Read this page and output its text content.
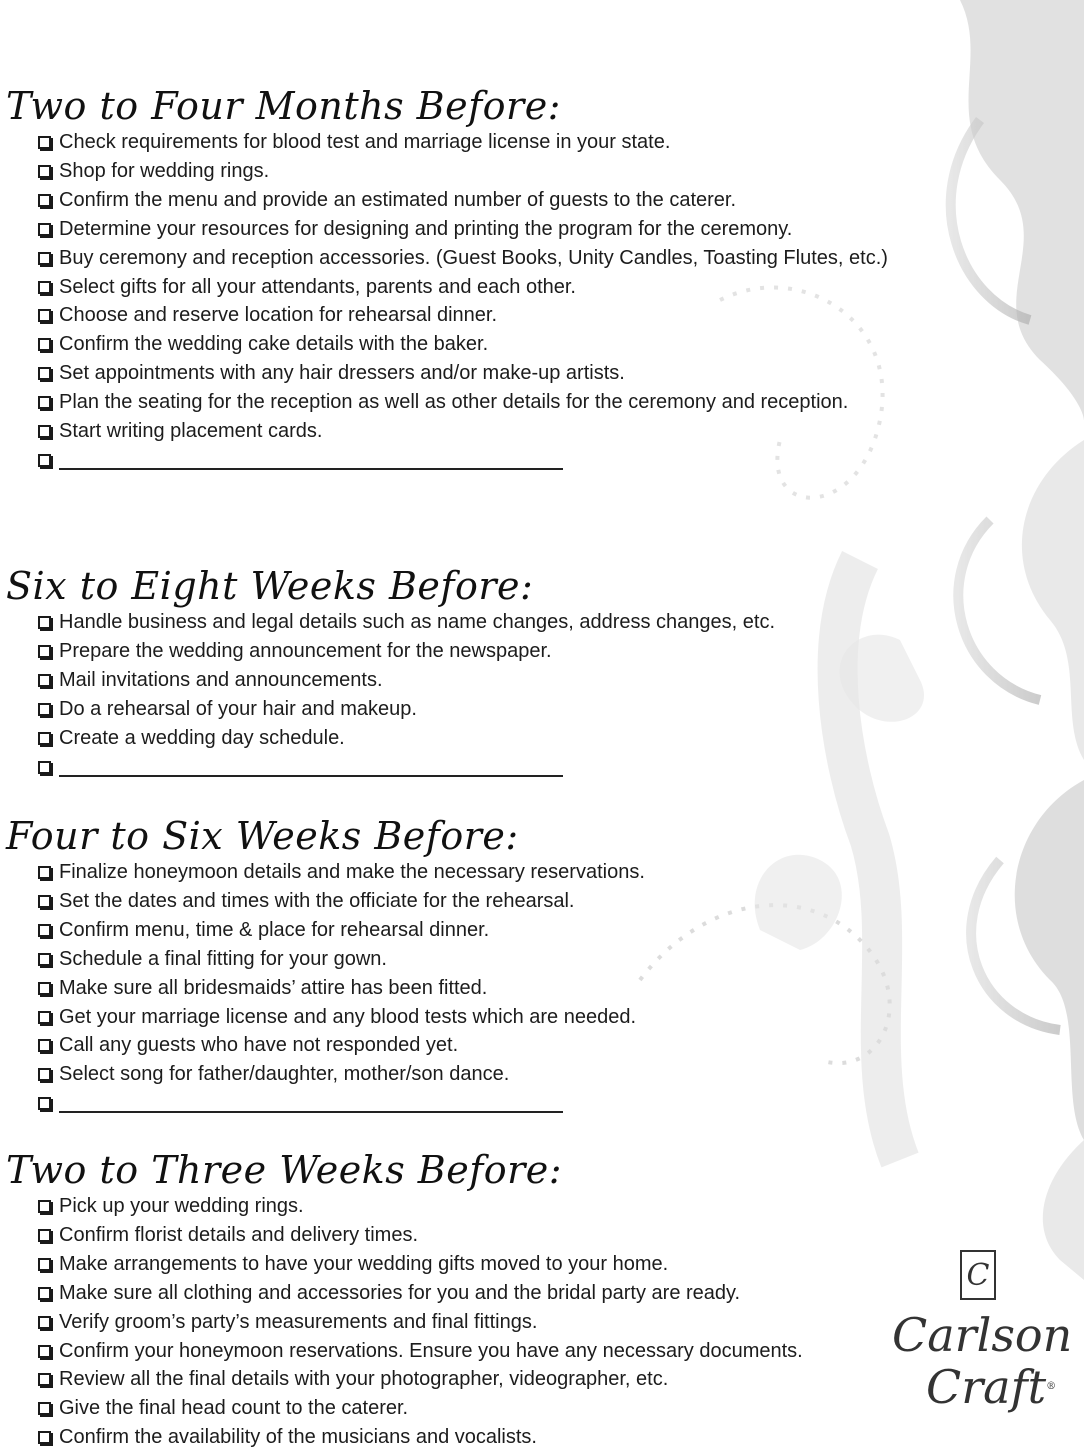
Two to Four Months Before:
Check requirements for blood test and marriage license in your state.
Shop for wedding rings.
Confirm the menu and provide an estimated number of guests to the caterer.
Determine your resources for designing and printing the program for the ceremony.
Buy ceremony and reception accessories. (Guest Books, Unity Candles, Toasting Flutes, etc.)
Select gifts for all your attendants, parents and each other.
Choose and reserve location for rehearsal dinner.
Confirm the wedding cake details with the baker.
Set appointments with any hair dressers and/or make-up artists.
Plan the seating for the reception as well as other details for the ceremony and reception.
Start writing placement cards.
Six to Eight Weeks Before:
Handle business and legal details such as name changes, address changes, etc.
Prepare the wedding announcement for the newspaper.
Mail invitations and announcements.
Do a rehearsal of your hair and makeup.
Create a wedding day schedule.
Four to Six Weeks Before:
Finalize honeymoon details and make the necessary reservations.
Set the dates and times with the officiate for the rehearsal.
Confirm menu, time & place for rehearsal dinner.
Schedule a final fitting for your gown.
Make sure all bridesmaids’ attire has been fitted.
Get your marriage license and any blood tests which are needed.
Call any guests who have not responded yet.
Select song for father/daughter, mother/son dance.
Two to Three Weeks Before:
Pick up your wedding rings.
Confirm florist details and delivery times.
Make arrangements to have your wedding gifts moved to your home.
Make sure all clothing and accessories for you and the bridal party are ready.
Verify groom’s party’s measurements and final fittings.
Confirm your honeymoon reservations. Ensure you have any necessary documents.
Review all the final details with your photographer, videographer, etc.
Give the final head count to the caterer.
Confirm the availability of the musicians and vocalists.
C
Carlson
Craft®
